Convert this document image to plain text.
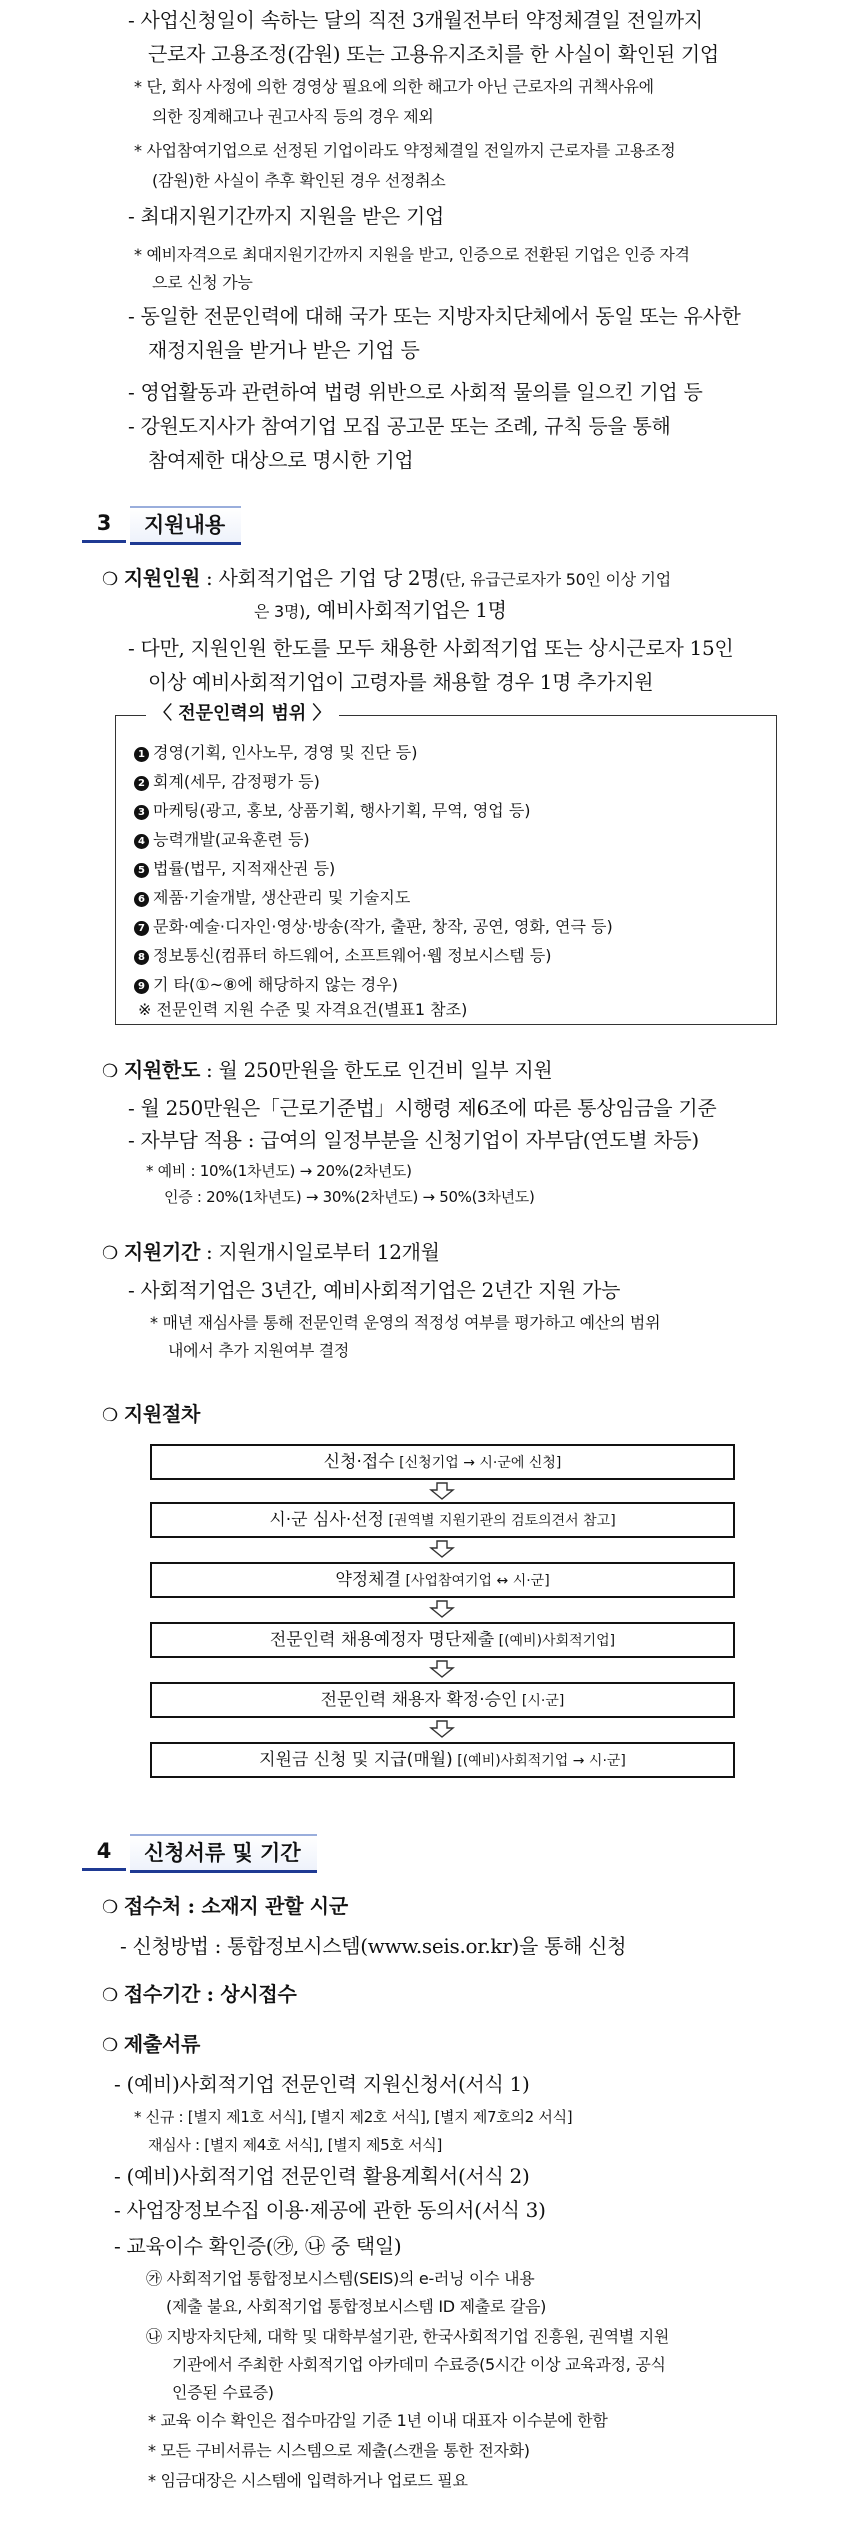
- 사업신청일이 속하는 달의 직전 3개월전부터 약정체결일 전일까지
근로자 고용조정(감원) 또는 고용유지조치를 한 사실이 확인된 기업
* 단, 회사 사정에 의한 경영상 필요에 의한 해고가 아닌 근로자의 귀책사유에
의한 징계해고나 권고사직 등의 경우 제외
* 사업참여기업으로 선정된 기업이라도 약정체결일 전일까지 근로자를 고용조정
(감원)한 사실이 추후 확인된 경우 선정취소
- 최대지원기간까지 지원을 받은 기업
* 예비자격으로 최대지원기간까지 지원을 받고, 인증으로 전환된 기업은 인증 자격
으로 신청 가능
- 동일한 전문인력에 대해 국가 또는 지방자치단체에서 동일 또는 유사한
재정지원을 받거나 받은 기업 등
- 영업활동과 관련하여 법령 위반으로 사회적 물의를 일으킨 기업 등
- 강원도지사가 참여기업 모집 공고문 또는 조례, 규칙 등을 통해
참여제한 대상으로 명시한 기업
3	지원내용
❍ 지원인원 : 사회적기업은 기업 당 2명(단, 유급근로자가 50인 이상 기업
은 3명), 예비사회적기업은 1명
- 다만, 지원인원 한도를 모두 채용한 사회적기업 또는 상시근로자 15인
이상 예비사회적기업이 고령자를 채용할 경우 1명 추가지원
〈 전문인력의 범위 〉
1 경영(기획, 인사노무, 경영 및 진단 등)
2 회계(세무, 감정평가 등)
3 마케팅(광고, 홍보, 상품기획, 행사기획, 무역, 영업 등)
4 능력개발(교육훈련 등)
5 법률(법무, 지적재산권 등)
6 제품·기술개발, 생산관리 및 기술지도
7 문화·예술·디자인·영상·방송(작가, 출판, 창작, 공연, 영화, 연극 등)
8 정보통신(컴퓨터 하드웨어, 소프트웨어·웹 정보시스템 등)
9 기 타(①~⑧에 해당하지 않는 경우)
※ 전문인력 지원 수준 및 자격요건(별표1 참조)
❍ 지원한도 : 월 250만원을 한도로 인건비 일부 지원
- 월 250만원은「근로기준법」시행령 제6조에 따른 통상임금을 기준
- 자부담 적용 : 급여의 일정부분을 신청기업이 자부담(연도별 차등)
* 예비 : 10%(1차년도) → 20%(2차년도)
인증 : 20%(1차년도) → 30%(2차년도) → 50%(3차년도)
❍ 지원기간 : 지원개시일로부터 12개월
- 사회적기업은 3년간, 예비사회적기업은 2년간 지원 가능
* 매년 재심사를 통해 전문인력 운영의 적정성 여부를 평가하고 예산의 범위
내에서 추가 지원여부 결정
❍ 지원절차
신청·접수 [신청기업 → 시·군에 신청]
시·군 심사·선정 [권역별 지원기관의 검토의견서 참고]
약정체결 [사업참여기업 ↔ 시·군]
전문인력 채용예정자 명단제출 [(예비)사회적기업]
전문인력 채용자 확정·승인 [시·군]
지원금 신청 및 지급(매월) [(예비)사회적기업 → 시·군]
4	신청서류 및 기간
❍ 접수처 : 소재지 관할 시군
- 신청방법 : 통합정보시스템(www.seis.or.kr)을 통해 신청
❍ 접수기간 : 상시접수
❍ 제출서류
- (예비)사회적기업 전문인력 지원신청서(서식 1)
* 신규 : [별지 제1호 서식], [별지 제2호 서식], [별지 제7호의2 서식]
재심사 : [별지 제4호 서식], [별지 제5호 서식]
- (예비)사회적기업 전문인력 활용계획서(서식 2)
- 사업장정보수집 이용·제공에 관한 동의서(서식 3)
- 교육이수 확인증(㉮, ㉯ 중 택일)
㉮ 사회적기업 통합정보시스템(SEIS)의 e-러닝 이수 내용
(제출 불요, 사회적기업 통합정보시스템 ID 제출로 갈음)
㉯ 지방자치단체, 대학 및 대학부설기관, 한국사회적기업 진흥원, 권역별 지원
기관에서 주최한 사회적기업 아카데미 수료증(5시간 이상 교육과정, 공식
인증된 수료증)
* 교육 이수 확인은 접수마감일 기준 1년 이내 대표자 이수분에 한함
* 모든 구비서류는 시스템으로 제출(스캔을 통한 전자화)
* 임금대장은 시스템에 입력하거나 업로드 필요
